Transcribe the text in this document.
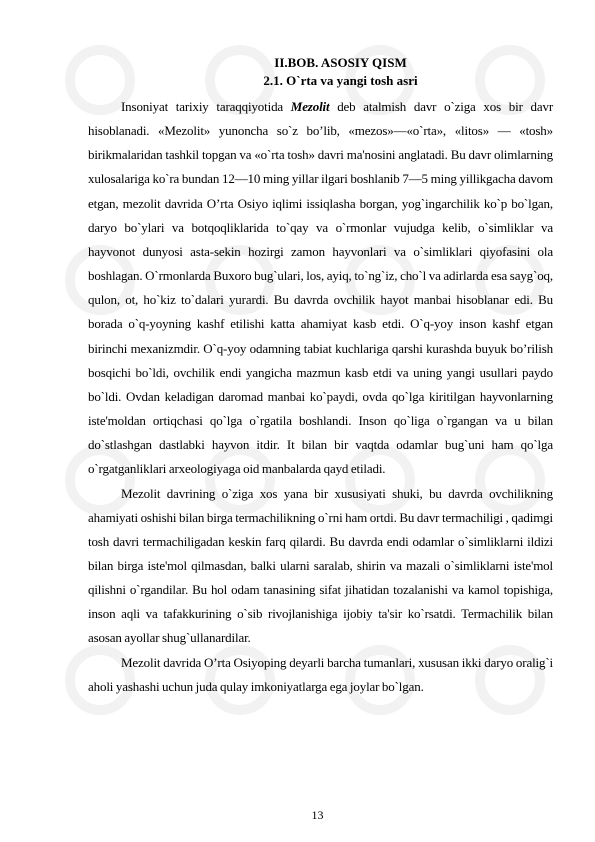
II.BOB. ASOSIY QISM
2.1. O`rta va yangi tosh asri

Insoniyat tarixiy taraqqiyotida Mezolit deb atalmish davr o`ziga xos bir davr hisoblanadi. «Mezolit» yunoncha so`z bo’lib, «mezos»—«o`rta», «litos» — «tosh» birikmalaridan tashkil topgan va «o`rta tosh» davri ma'nosini anglatadi. Bu davr olimlarning xulosalariga ko`ra bundan 12—10 ming yillar ilgari boshlanib 7—5 ming yillikgacha davom etgan, mezolit davrida O’rta Osiyo iqlimi issiqlasha borgan, yog`ingarchilik ko`p bo`lgan, daryo bo`ylari va botqoqliklarida to`qay va o`rmonlar vujudga kelib, o`simliklar va hayvonot dunyosi asta-sekin hozirgi zamon hayvonlari va o`simliklari qiyofasini ola boshlagan. O`rmonlarda Buxoro bug`ulari, los, ayiq, to`ng`iz, cho`l va adirlarda esa sayg`oq, qulon, ot, ho`kiz to`dalari yurardi. Bu davrda ovchilik hayot manbai hisoblanar edi. Bu borada o`q-yoyning kashf etilishi katta ahamiyat kasb etdi. O`q-yoy inson kashf etgan birinchi mexanizmdir. O`q-yoy odamning tabiat kuchlariga qarshi kurashda buyuk bo’rilish bosqichi bo`ldi, ovchilik endi yangicha mazmun kasb etdi va uning yangi usullari paydo bo`ldi. Ovdan keladigan daromad manbai ko`paydi, ovda qo`lga kiritilgan hayvonlarning iste'moldan ortiqchasi qo`lga o`rgatila boshlandi. Inson qo`liga o`rgangan va u bilan do`stlashgan dastlabki hayvon itdir. It bilan bir vaqtda odamlar bug`uni ham qo`lga o`rgatganliklari arxeologiyaga oid manbalarda qayd etiladi.

Mezolit davrining o`ziga xos yana bir xususiyati shuki, bu davrda ovchilikning ahamiyati oshishi bilan birga termachilikning o`rni ham ortdi. Bu davr termachiligi , qadimgi tosh davri termachiligadan keskin farq qilardi. Bu davrda endi odamlar o`simliklarni ildizi bilan birga iste'mol qilmasdan, balki ularni saralab, shirin va mazali o`simliklarni iste'mol qilishni o`rgandilar. Bu hol odam tanasining sifat jihatidan tozalanishi va kamol topishiga, inson aqli va tafakkurining o`sib rivojlanishiga ijobiy ta'sir ko`rsatdi. Termachilik bilan asosan ayollar shug`ullanardilar.

Mezolit davrida O’rta Osiyoping deyarli barcha tumanlari, xususan ikki daryo oralig`i aholi yashashi uchun juda qulay imkoniyatlarga ega joylar bo`lgan.

13
